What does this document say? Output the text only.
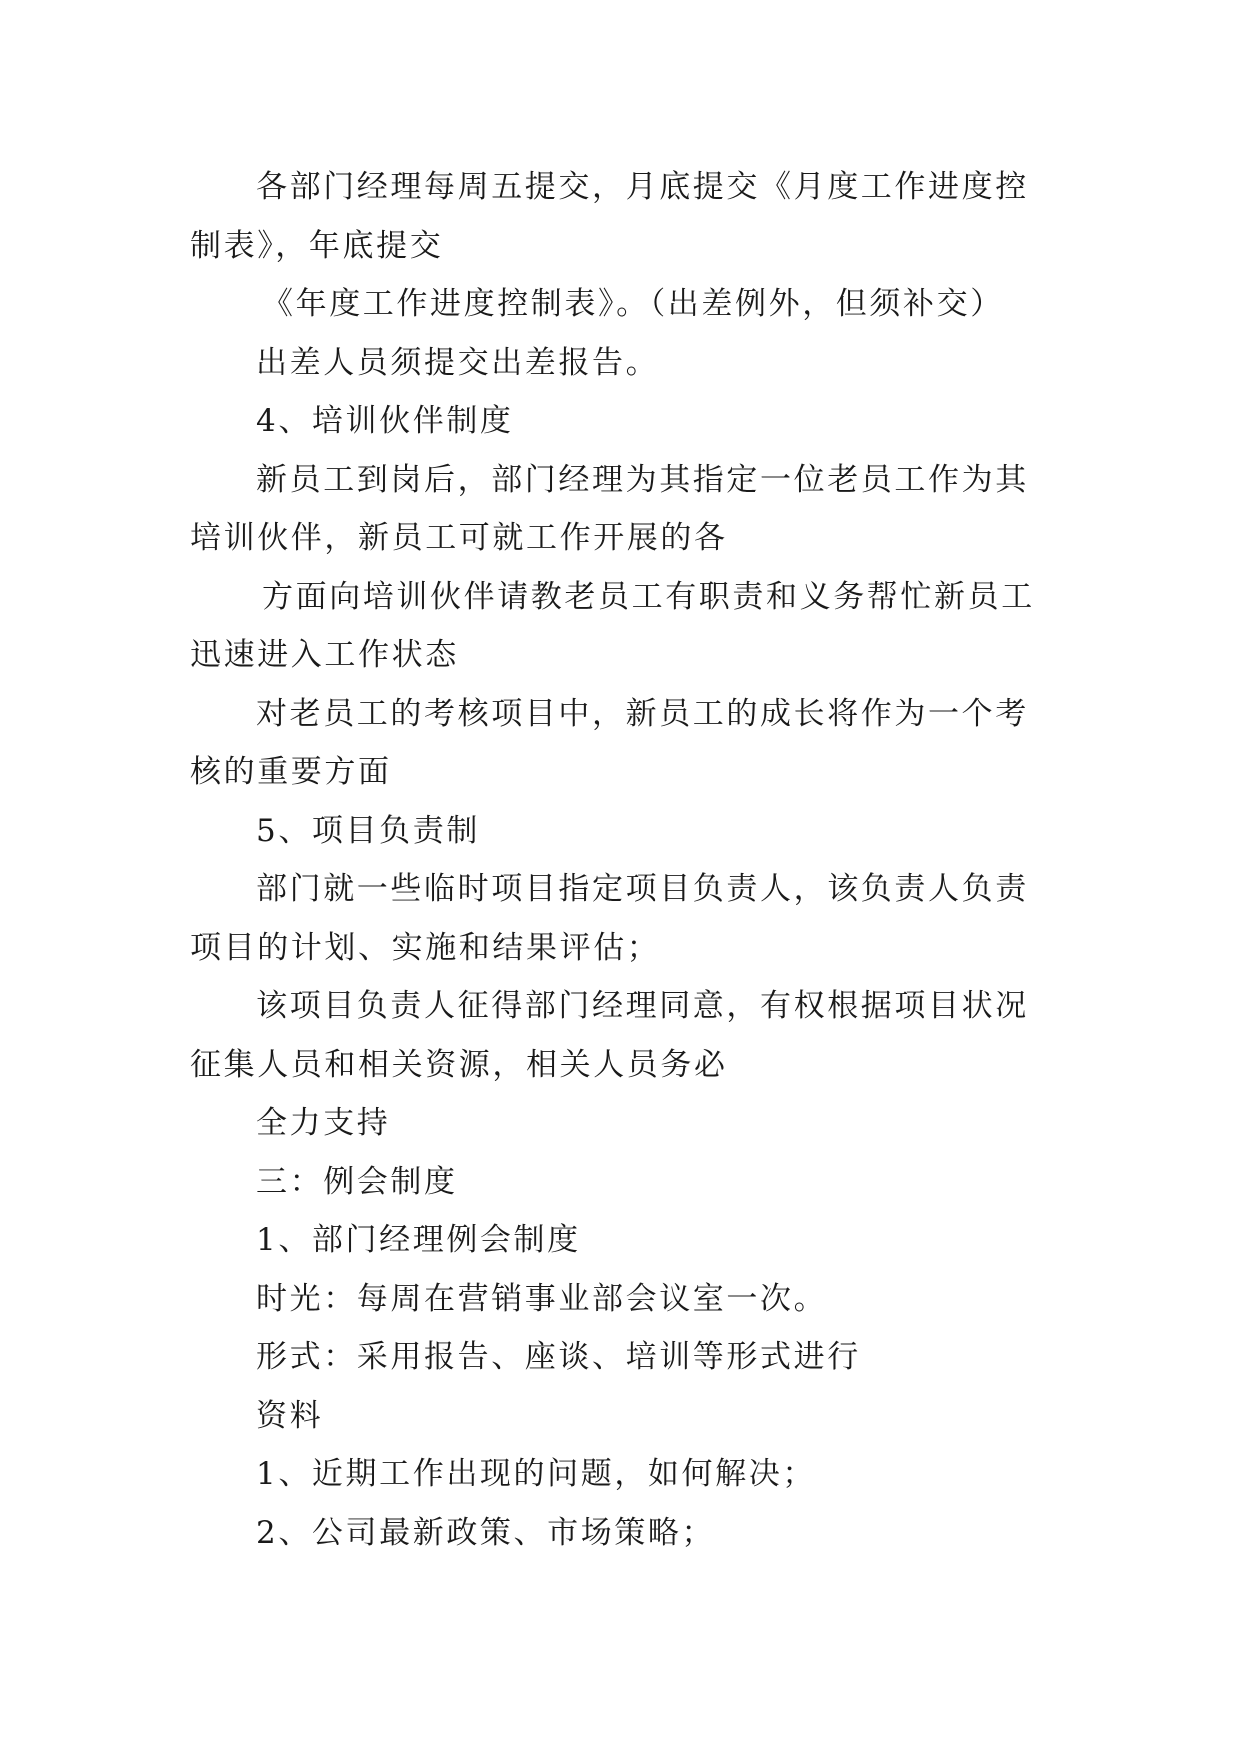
各部门经理每周五提交，月底提交《月度工作进度控制表》，年底提交

《年度工作进度控制表》。（出差例外，但须补交）

出差人员须提交出差报告。

4、培训伙伴制度

新员工到岗后，部门经理为其指定一位老员工作为其培训伙伴，新员工可就工作开展的各

方面向培训伙伴请教老员工有职责和义务帮忙新员工迅速进入工作状态

对老员工的考核项目中，新员工的成长将作为一个考核的重要方面

5、项目负责制

部门就一些临时项目指定项目负责人，该负责人负责项目的计划、实施和结果评估；

该项目负责人征得部门经理同意，有权根据项目状况征集人员和相关资源，相关人员务必

全力支持

三：例会制度

1、部门经理例会制度

时光：每周在营销事业部会议室一次。

形式：采用报告、座谈、培训等形式进行

资料

1、近期工作出现的问题，如何解决；

2、公司最新政策、市场策略；
